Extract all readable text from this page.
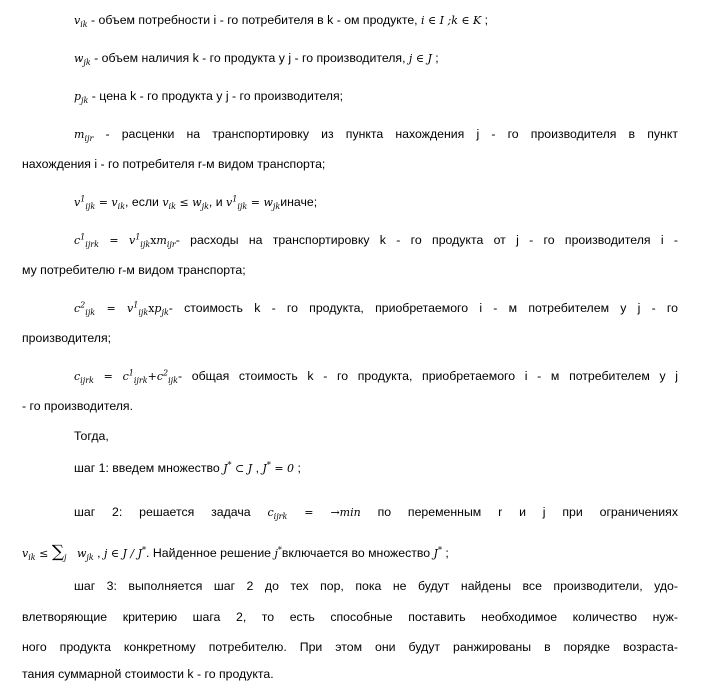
$v_{ik}$ - объем потребности i - го потребителя в k - ом продукте, i ∈ I ;k ∈ K ;
$w_{jk}$ - объем наличия k - го продукта у j - го производителя, j ∈ J ;
$p_{jk}$ - цена k - го продукта у j - го производителя;
$m_{ijr}$ - расценки на транспортировку из пункта нахождения j - го производителя в пункт
нахождения i - го потребителя r-м видом транспорта;
$v^1_{ijk} = v_{ik}$, если $v_{ik} \le w_{jk}$, и $v^1_{ijk}$ = $w_{jk}иначе$;
$c^1_{ijrk} = v^1_{ijk}xm_{ijr}-$ расходы на транспортировку k - го продукта от j - го производителя i -
му потребителю r-м видом транспорта;
$c^2_{ijk} = v^1_{ijk}xp_{jk}-$ стоимость k - го продукта, приобретаемого i - м потребителем у j - го
производителя;
$c_{ijrk} = c^1_{ijrk}+c^2_{ijk}-$ общая стоимость k - го продукта, приобретаемого i - м потребителем у j
- го производителя.
Тогда,
шаг 1: введем множество J* ⊂ J , J* = 0 ;
шаг 2: решается задача $c_{ijrk} = \to\min$ по переменным r и j при ограничениях
$v_{ik} \le \sum_j$   $w_{jk}$ , j ∈ J / J*. Найденное решение j*включается во множество J* ;
шаг 3: выполняется шаг 2 до тех пор, пока не будут найдены все производители, удо-
влетворяющие критерию шага 2, то есть способные поставить необходимое количество нуж-
ного продукта конкретному потребителю. При этом они будут ранжированы в порядке возраста-
тания суммарной стоимости k - го продукта.
